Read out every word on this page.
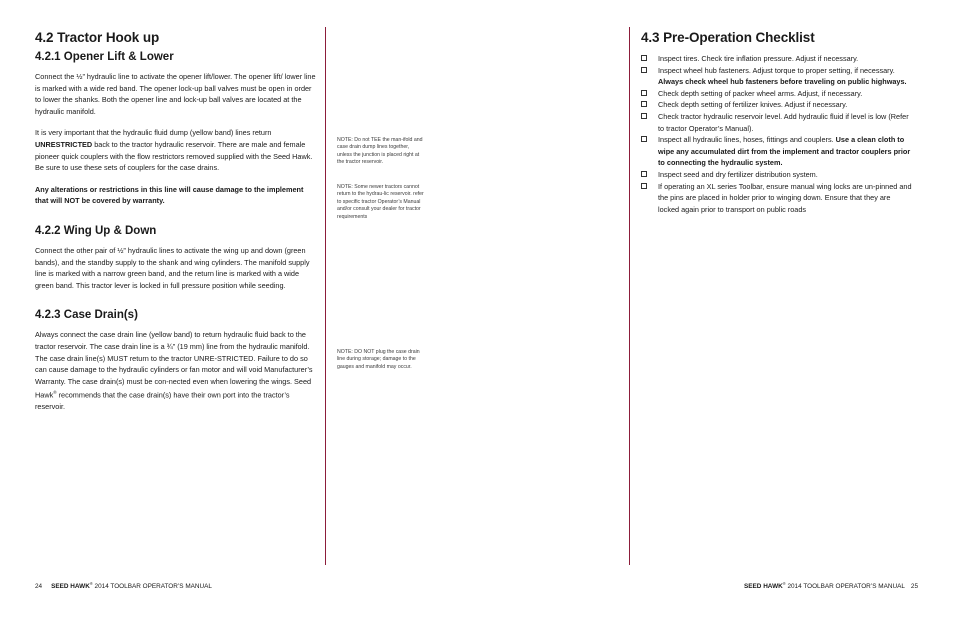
4.2 Tractor Hook up
4.2.1 Opener Lift & Lower

Connect the ½” hydraulic line to activate the opener lift/lower. The opener lift/ lower line is marked with a wide red band. The opener lock-up ball valves must be open in order to lower the shanks. Both the opener line and lock-up ball valves are located at the hydraulic manifold.

It is very important that the hydraulic fluid dump (yellow band) lines return UNRESTRICTED back to the tractor hydraulic reservoir. There are male and female pioneer quick couplers with the flow restrictors removed supplied with the Seed Hawk. Be sure to use these sets of couplers for the case drains.

Any alterations or restrictions in this line will cause damage to the implement that will NOT be covered by warranty.

4.2.2 Wing Up & Down

Connect the other pair of ½” hydraulic lines to activate the wing up and down (green bands), and the standby supply to the shank and wing cylinders. The manifold supply line is marked with a narrow green band, and the return line is marked with a wide green band. This tractor lever is locked in full pressure position while seeding.

4.2.3 Case Drain(s)

Always connect the case drain line (yellow band) to return hydraulic fluid back to the tractor reservoir. The case drain line is a ¾” (19 mm) line from the hydraulic manifold. The case drain line(s) MUST return to the tractor UNRE-STRICTED. Failure to do so can cause damage to the hydraulic cylinders or fan motor and will void Manufacturer’s Warranty. The case drain(s) must be con-nected even when lowering the wings. Seed Hawk® recommends that the case drain(s) have their own port into the tractor’s reservoir.

NOTE: Do not TEE the man-ifold and case drain dump lines together, unless the junction is placed right at the tractor reservoir.

NOTE: Some newer tractors cannot return to the hydrau-lic reservoir. refer to specific tractor Operator’s Manual and/or consult your dealer for tractor requirements

NOTE: DO NOT plug the case drain line during storage; damage to the gauges and manifold may occur.

4.3 Pre-Operation Checklist
Inspect tires. Check tire inflation pressure. Adjust if necessary.
Inspect wheel hub fasteners. Adjust torque to proper setting, if necessary. Always check wheel hub fasteners before traveling on public highways.
Check depth setting of packer wheel arms. Adjust, if necessary.
Check depth setting of fertilizer knives. Adjust if necessary.
Check tractor hydraulic reservoir level. Add hydraulic fluid if level is low (Refer to tractor Operator’s Manual).
Inspect all hydraulic lines, hoses, fittings and couplers. Use a clean cloth to wipe any accumulated dirt from the implement and tractor couplers prior to connecting the hydraulic system.
Inspect seed and dry fertilizer distribution system.
If operating an XL series Toolbar, ensure manual wing locks are un-pinned and the pins are placed in holder prior to winging down. Ensure that they are locked again prior to transport on public roads
24 SEED HAWK® 2014 TOOLBAR OPERATOR’S MANUAL	SEED HAWK® 2014 TOOLBAR OPERATOR’S MANUAL 25
